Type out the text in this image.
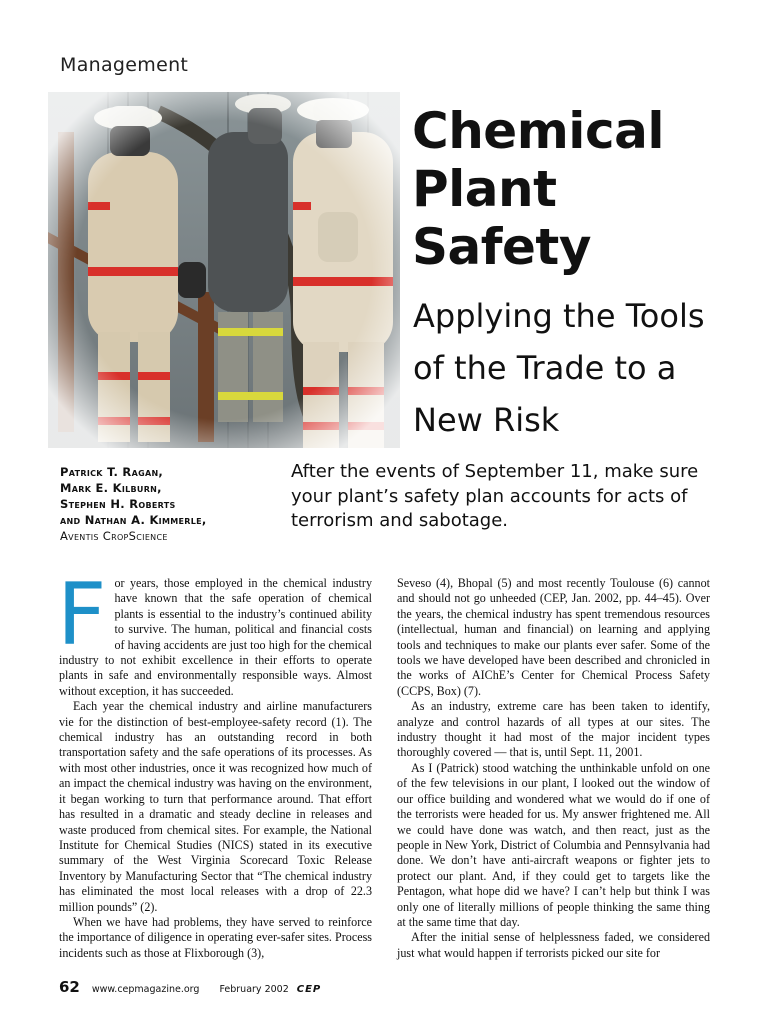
Management
Chemical
Plant
Safety
Applying the Tools
of the Trade to a
New Risk
Patrick T. Ragan,
Mark E. Kilburn,
Stephen H. Roberts
and Nathan A. Kimmerle,
Aventis CropScience
After the events of September 11, make sure your plant’s safety plan accounts for acts of terrorism and sabotage.

For years, those employed in the chemical industry have known that the safe operation of chemical plants is essential to the industry’s continued ability to survive. The human, political and financial costs of having accidents are just too high for the chemical industry to not exhibit excellence in their efforts to operate plants in safe and environmentally responsible ways. Almost without exception, it has succeeded.

Each year the chemical industry and airline manufacturers vie for the distinction of best-employee-safety record (1). The chemical industry has an outstanding record in both transportation safety and the safe operations of its processes. As with most other industries, once it was recognized how much of an impact the chemical industry was having on the environment, it began working to turn that performance around. That effort has resulted in a dramatic and steady decline in releases and waste produced from chemical sites. For example, the National Institute for Chemical Studies (NICS) stated in its executive summary of the West Virginia Scorecard Toxic Release Inventory by Manufacturing Sector that “The chemical industry has eliminated the most local releases with a drop of 22.3 million pounds” (2).

When we have had problems, they have served to reinforce the importance of diligence in operating ever-safer sites. Process incidents such as those at Flixborough (3),

Seveso (4), Bhopal (5) and most recently Toulouse (6) cannot and should not go unheeded (CEP, Jan. 2002, pp. 44–45). Over the years, the chemical industry has spent tremendous resources (intellectual, human and financial) on learning and applying tools and techniques to make our plants ever safer. Some of the tools we have developed have been described and chronicled in the works of AIChE’s Center for Chemical Process Safety (CCPS, Box) (7).

As an industry, extreme care has been taken to identify, analyze and control hazards of all types at our sites. The industry thought it had most of the major incident types thoroughly covered — that is, until Sept. 11, 2001.

As I (Patrick) stood watching the unthinkable unfold on one of the few televisions in our plant, I looked out the window of our office building and wondered what we would do if one of the terrorists were headed for us. My answer frightened me. All we could have done was watch, and then react, just as the people in New York, District of Columbia and Pennsylvania had done. We don’t have anti-aircraft weapons or fighter jets to protect our plant. And, if they could get to targets like the Pentagon, what hope did we have? I can’t help but think I was only one of literally millions of people thinking the same thing at the same time that day.

After the initial sense of helplessness faded, we considered just what would happen if terrorists picked our site for

62 www.cepmagazine.org February 2002 CEP
